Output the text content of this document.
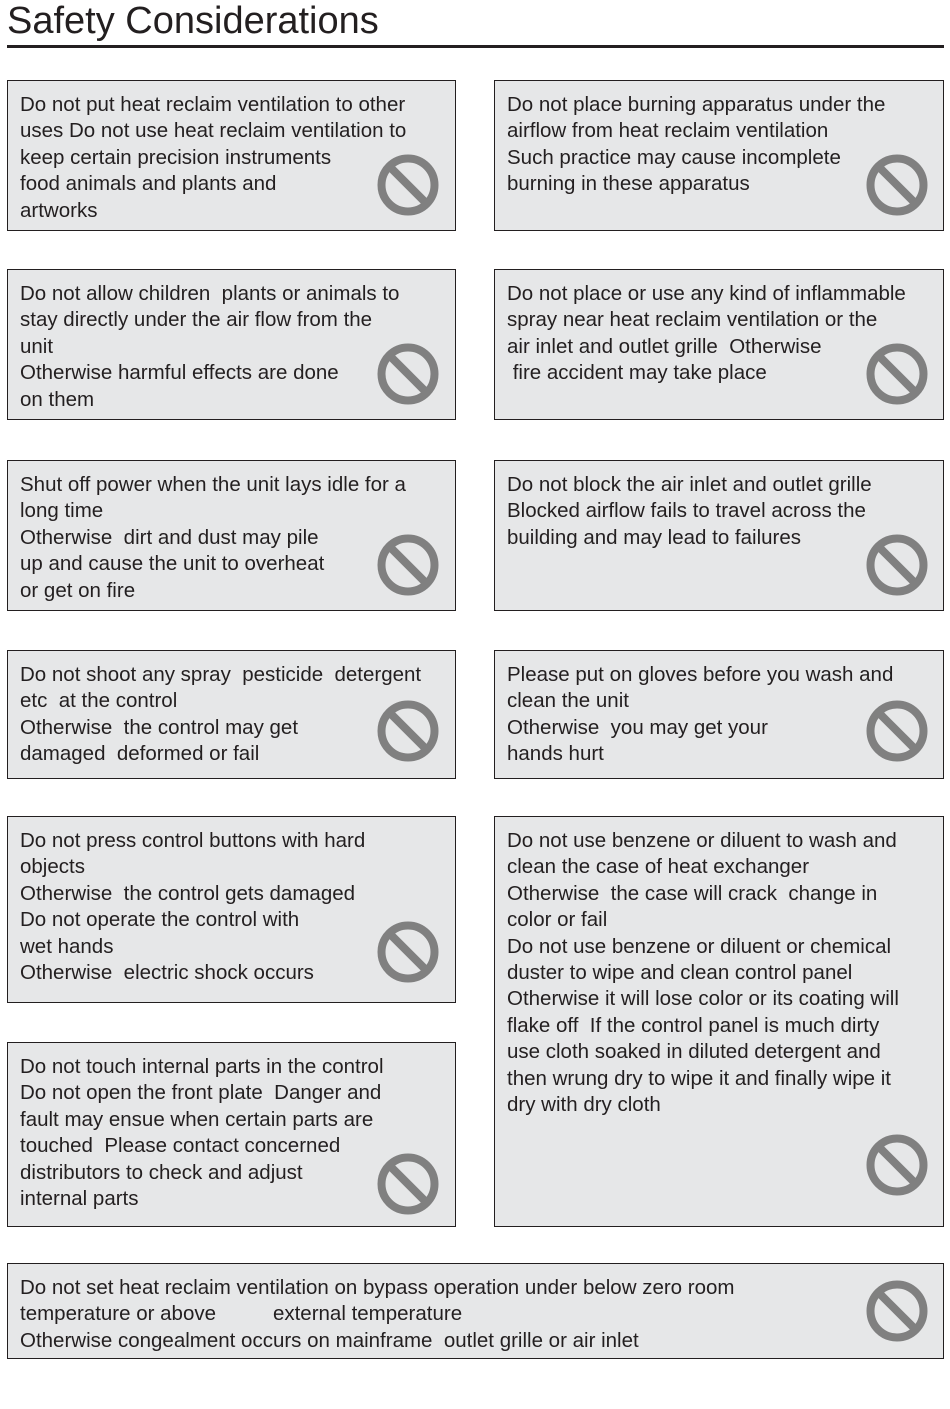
Safety Considerations
Do not put heat reclaim ventilation to other
uses Do not use heat reclaim ventilation to
keep certain precision instruments
food animals and plants and
artworks
Do not place burning apparatus under the
airflow from heat reclaim ventilation
Such practice may cause incomplete
burning in these apparatus
Do not allow children  plants or animals to
stay directly under the air flow from the
unit
Otherwise harmful effects are done
on them
Do not place or use any kind of inflammable
spray near heat reclaim ventilation or the
air inlet and outlet grille  Otherwise
fire accident may take place
Shut off power when the unit lays idle for a
long time
Otherwise  dirt and dust may pile
up and cause the unit to overheat
or get on fire
Do not block the air inlet and outlet grille
Blocked airflow fails to travel across the
building and may lead to failures
Do not shoot any spray  pesticide  detergent
etc  at the control
Otherwise  the control may get
damaged  deformed or fail
Please put on gloves before you wash and
clean the unit
Otherwise  you may get your
hands hurt
Do not press control buttons with hard
objects
Otherwise  the control gets damaged
Do not operate the control with
wet hands
Otherwise  electric shock occurs
Do not use benzene or diluent to wash and
clean the case of heat exchanger
Otherwise  the case will crack  change in
color or fail
Do not use benzene or diluent or chemical
duster to wipe and clean control panel
Otherwise it will lose color or its coating will
flake off  If the control panel is much dirty
use cloth soaked in diluted detergent and
then wrung dry to wipe it and finally wipe it
dry with dry cloth
Do not touch internal parts in the control
Do not open the front plate  Danger and
fault may ensue when certain parts are
touched  Please contact concerned
distributors to check and adjust
internal parts
Do not set heat reclaim ventilation on bypass operation under below zero room
temperature or above          external temperature
Otherwise congealment occurs on mainframe  outlet grille or air inlet
